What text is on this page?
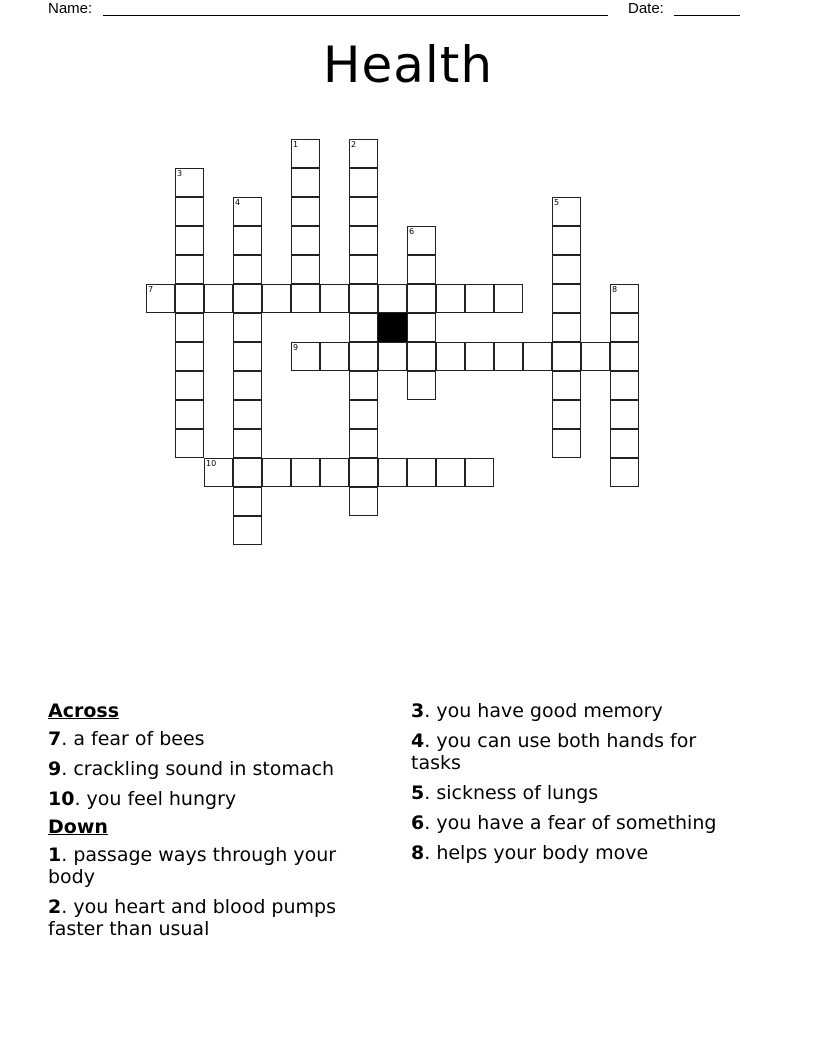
Name:	Date:
Health
1	2
3
4	5
6
7	8
9
10
Across
7. a fear of bees
9. crackling sound in stomach
10. you feel hungry
Down
1. passage ways through your body
2. you heart and blood pumps faster than usual
3. you have good memory
4. you can use both hands for tasks
5. sickness of lungs
6. you have a fear of something
8. helps your body move
